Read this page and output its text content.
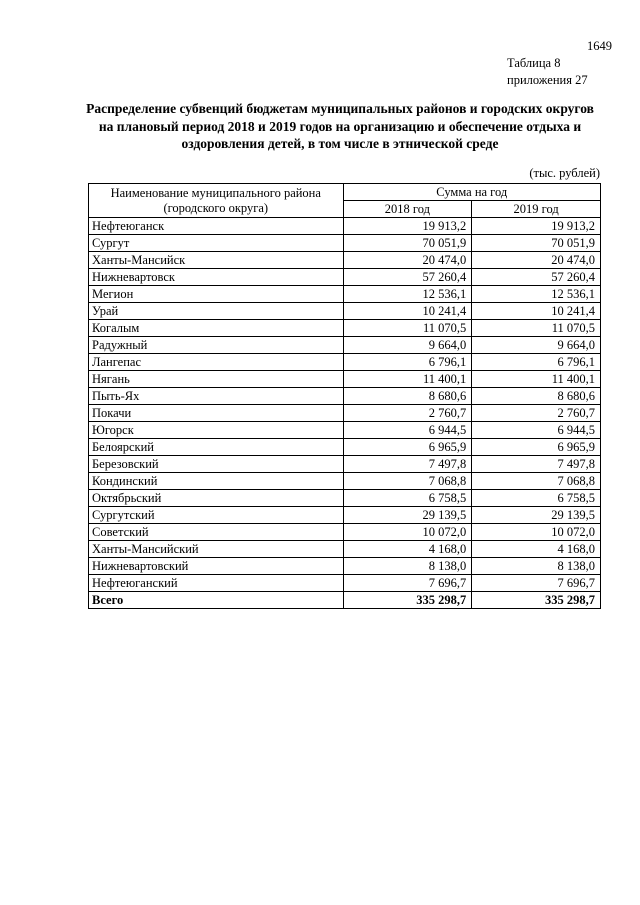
1649
Таблица 8
приложения 27
Распределение субвенций бюджетам муниципальных районов и городских округов на плановый период 2018 и 2019 годов на организацию и обеспечение отдыха и оздоровления детей, в том числе в этнической среде
(тыс. рублей)
Наименование муниципального района (городского округа)	Сумма на год	
	2018 год	2019 год
Нефтеюганск	19 913,2	19 913,2
Сургут	70 051,9	70 051,9
Ханты-Мансийск	20 474,0	20 474,0
Нижневартовск	57 260,4	57 260,4
Мегион	12 536,1	12 536,1
Урай	10 241,4	10 241,4
Когалым	11 070,5	11 070,5
Радужный	9 664,0	9 664,0
Лангепас	6 796,1	6 796,1
Нягань	11 400,1	11 400,1
Пыть-Ях	8 680,6	8 680,6
Покачи	2 760,7	2 760,7
Югорск	6 944,5	6 944,5
Белоярский	6 965,9	6 965,9
Березовский	7 497,8	7 497,8
Кондинский	7 068,8	7 068,8
Октябрьский	6 758,5	6 758,5
Сургутский	29 139,5	29 139,5
Советский	10 072,0	10 072,0
Ханты-Мансийский	4 168,0	4 168,0
Нижневартовский	8 138,0	8 138,0
Нефтеюганский	7 696,7	7 696,7
Всего	335 298,7	335 298,7
